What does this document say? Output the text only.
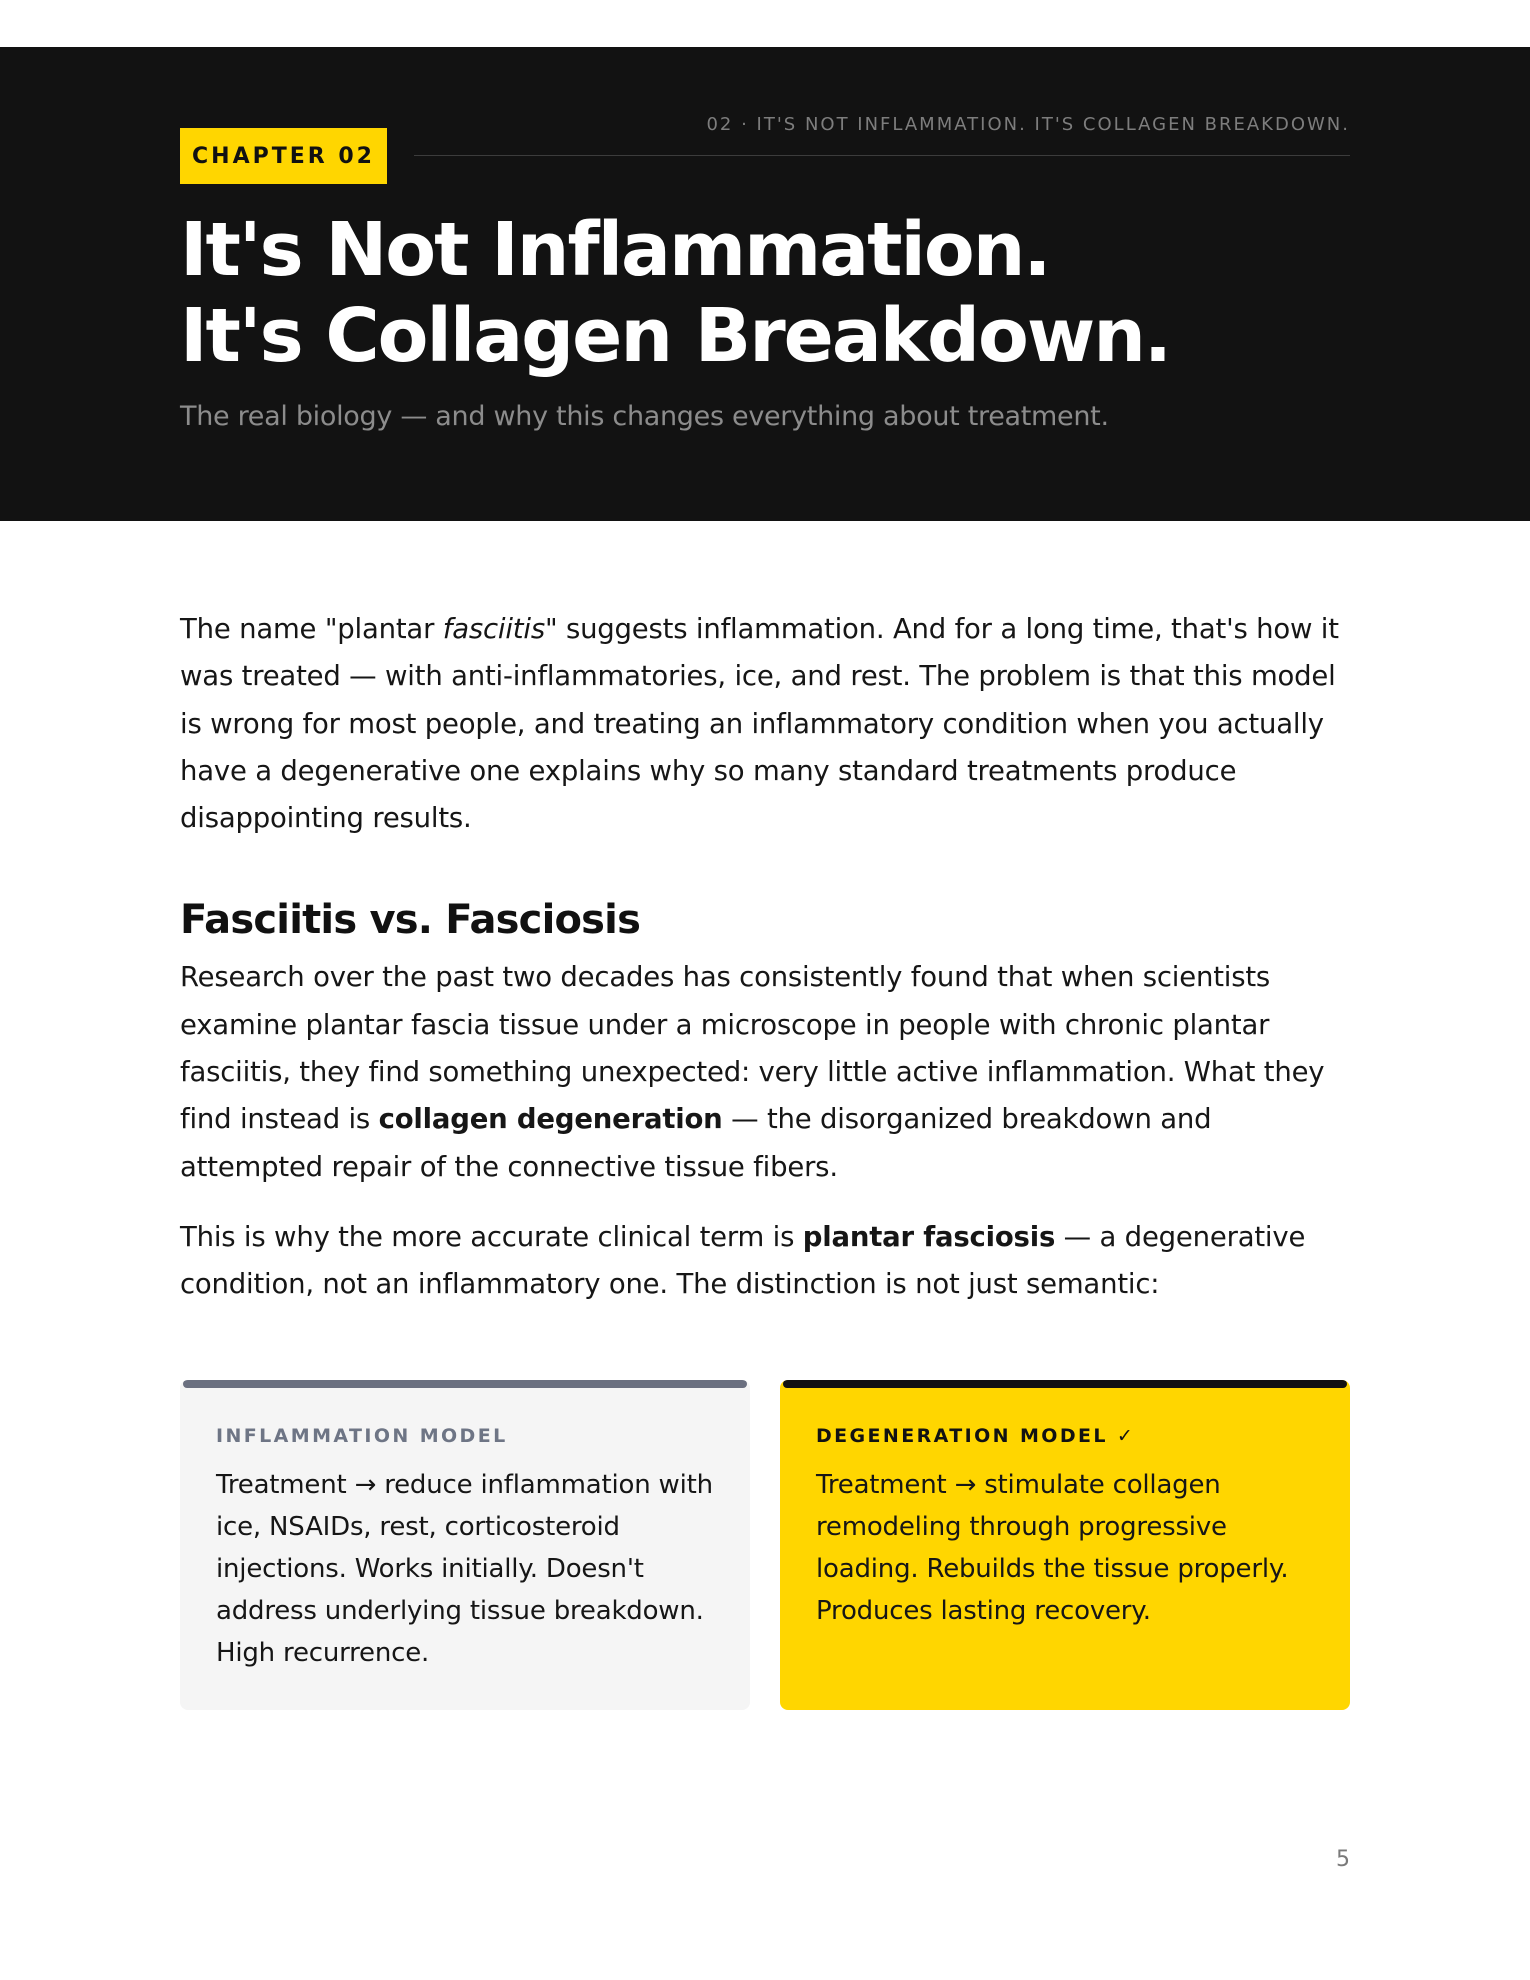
02 · IT'S NOT INFLAMMATION. IT'S COLLAGEN BREAKDOWN.
CHAPTER 02
It's Not Inflammation.
It's Collagen Breakdown.

The real biology — and why this changes everything about treatment.

The name "plantar fasciitis" suggests inflammation. And for a long time, that's how it was treated — with anti-inflammatories, ice, and rest. The problem is that this model is wrong for most people, and treating an inflammatory condition when you actually have a degenerative one explains why so many standard treatments produce disappointing results.

Fasciitis vs. Fasciosis

Research over the past two decades has consistently found that when scientists examine plantar fascia tissue under a microscope in people with chronic plantar fasciitis, they find something unexpected: very little active inflammation. What they find instead is collagen degeneration — the disorganized breakdown and attempted repair of the connective tissue fibers.

This is why the more accurate clinical term is plantar fasciosis — a degenerative condition, not an inflammatory one. The distinction is not just semantic:

INFLAMMATION MODEL

Treatment → reduce inflammation with ice, NSAIDs, rest, corticosteroid injections. Works initially. Doesn't address underlying tissue breakdown. High recurrence.

DEGENERATION MODEL ✓

Treatment → stimulate collagen remodeling through progressive loading. Rebuilds the tissue properly. Produces lasting recovery.

5
